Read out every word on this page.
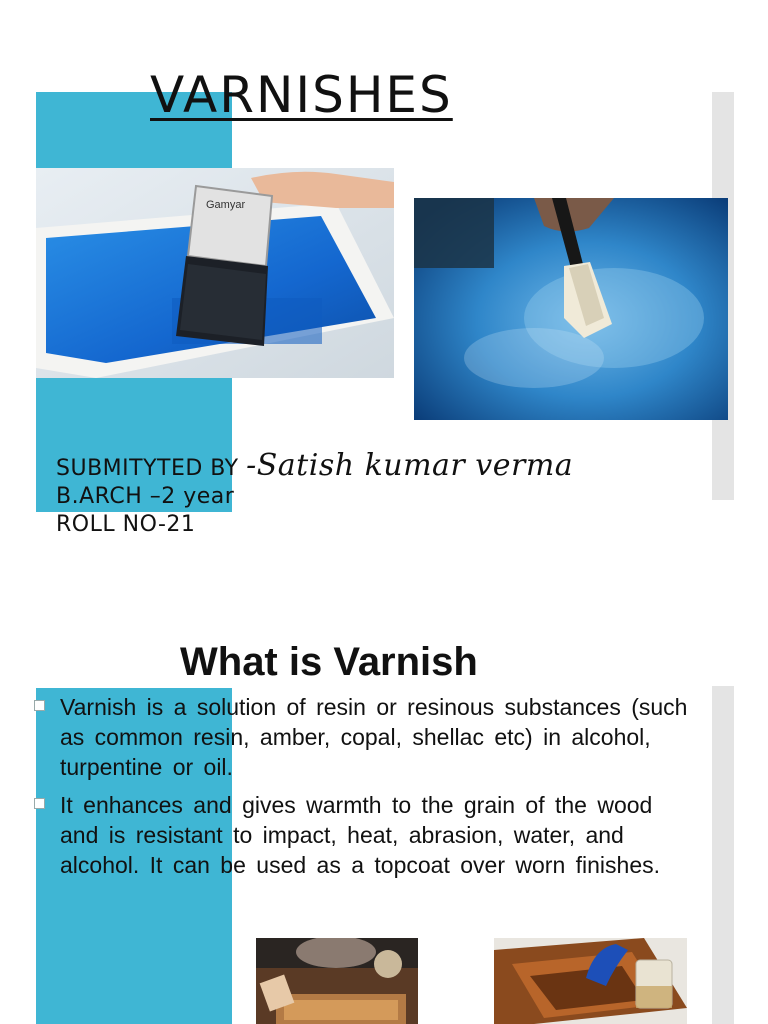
VARNISHES
Gamyar
SUBMITYTED BY -Satish kumar verma
B.ARCH –2 year
ROLL NO-21
What is Varnish
Varnish is a solution of resin or resinous substances (such as common resin, amber, copal, shellac etc) in alcohol, turpentine or oil.
It enhances and gives warmth to the grain of the wood and is resistant to impact, heat, abrasion, water, and alcohol. It can be used as a topcoat over worn finishes.
